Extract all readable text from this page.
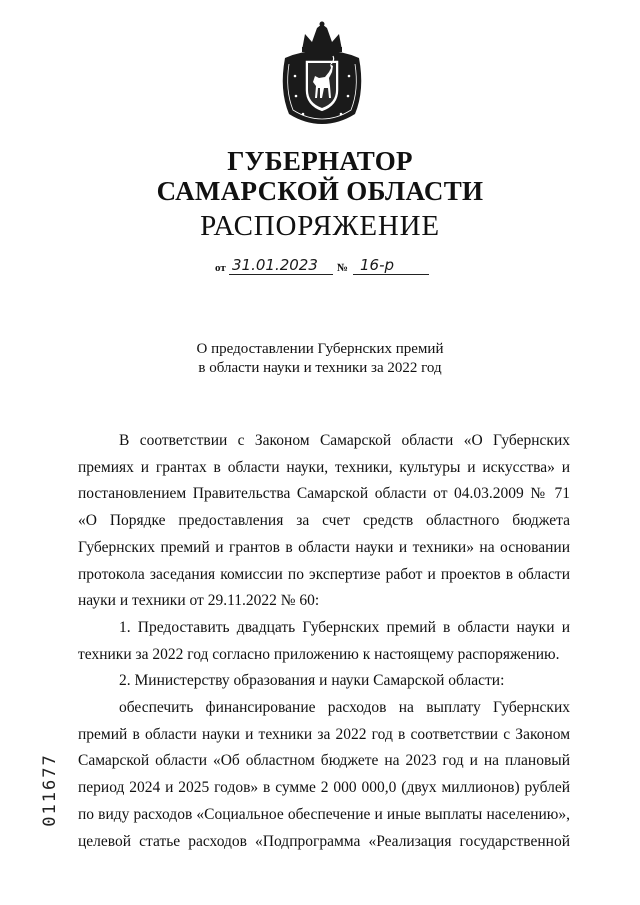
ГУБЕРНАТОР
САМАРСКОЙ ОБЛАСТИ
РАСПОРЯЖЕНИЕ
от 31.01.2023 № 16-р
О предоставлении Губернских премий
в области науки и техники за 2022 год

В соответствии с Законом Самарской области «О Губернских премиях и грантах в области науки, техники, культуры и искусства» и постановлением Правительства Самарской области от 04.03.2009 № 71 «О Порядке предоставления за счет средств областного бюджета Губернских премий и грантов в области науки и техники» на основании протокола заседания комиссии по экспертизе работ и проектов в области науки и техники от 29.11.2022 № 60:

1. Предоставить двадцать Губернских премий в области науки и техники за 2022 год согласно приложению к настоящему распоряжению.

2. Министерству образования и науки Самарской области:

обеспечить финансирование расходов на выплату Губернских премий в области науки и техники за 2022 год в соответствии с Законом Самарской области «Об областном бюджете на 2023 год и на плановый период 2024 и 2025 годов» в сумме 2 000 000,0 (двух миллионов) рублей по виду расходов «Социальное обеспечение и иные выплаты населению», целевой статье расходов «Подпрограмма «Реализация государственной

011677
